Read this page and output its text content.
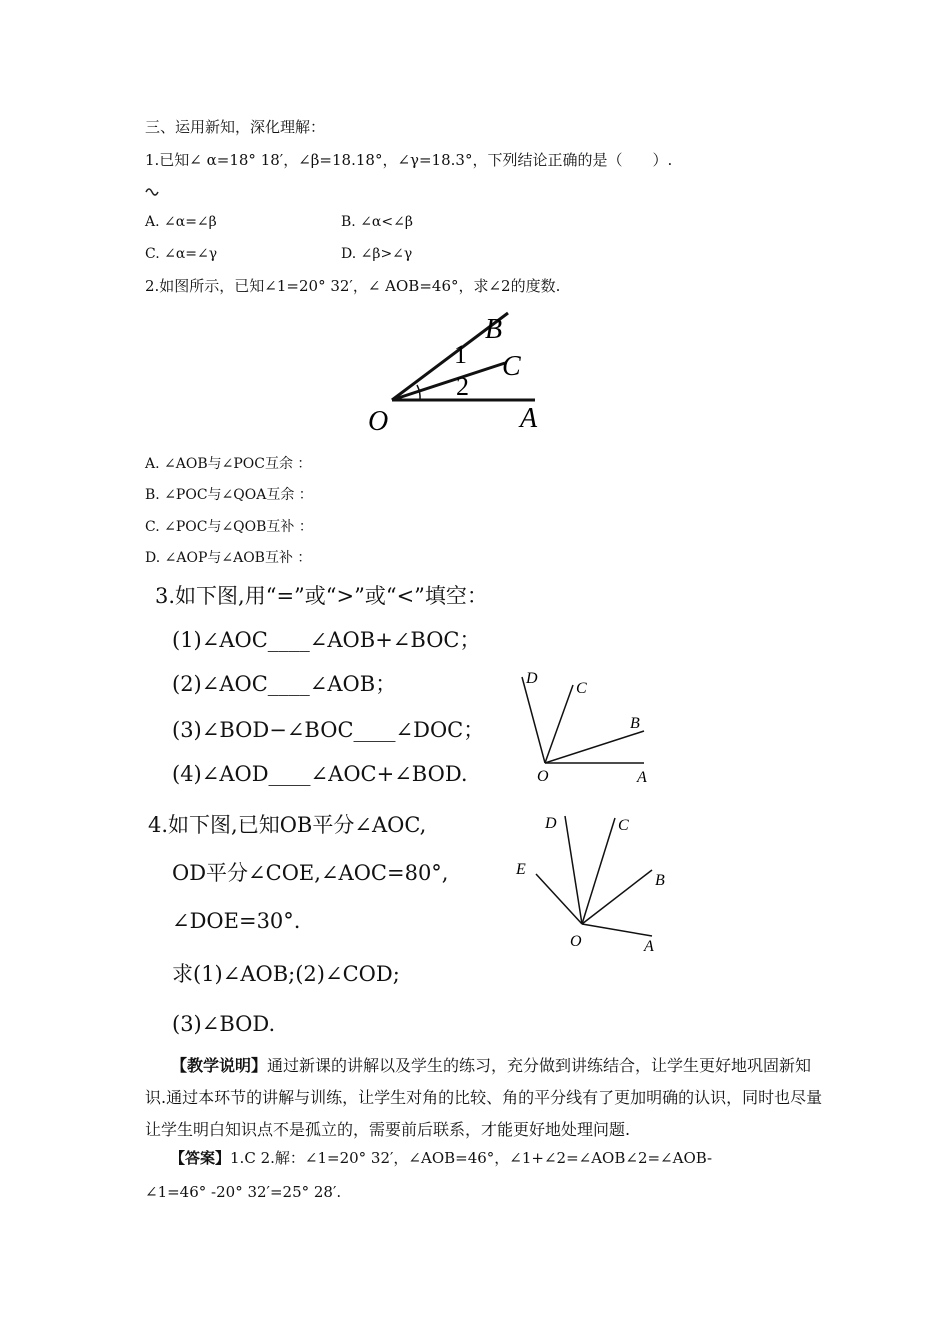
三、运用新知，深化理解：
1.已知∠ α=18° 18′，∠β=18.18°，∠γ=18.3°，下列结论正确的是（　　）.
A. ∠α=∠β	B. ∠α<∠β
C. ∠α=∠γ	D. ∠β>∠γ
2.如图所示，已知∠1=20° 32′，∠ AOB=46°，求∠2的度数.
B
C
1
2
O	A
A. ∠AOB与∠POC互余 ：
B. ∠POC与∠QOA互余 ：
C. ∠POC与∠QOB互补 ：
D. ∠AOP与∠AOB互补 ：
3.如下图,用“=”或“>”或“<”填空：
(1)∠AOC____∠AOB+∠BOC；
(2)∠AOC____∠AOB；
(3)∠BOD−∠BOC____∠DOC；
(4)∠AOD____∠AOC+∠BOD.
D
C
B
O	A
4.如下图,已知OB平分∠AOC,
OD平分∠COE,∠AOC=80°,
∠DOE=30°.
求(1)∠AOB;(2)∠COD;
(3)∠BOD.
D	C
E
B
O	A
【教学说明】通过新课的讲解以及学生的练习，充分做到讲练结合，让学生更好地巩固新知识.通过本环节的讲解与训练，让学生对角的比较、角的平分线有了更加明确的认识，同时也尽量让学生明白知识点不是孤立的，需要前后联系，才能更好地处理问题.
【答案】1.C 2.解：∠1=20° 32′，∠AOB=46°，∠1+∠2=∠AOB∠2=∠AOB-
∠1=46° -20° 32′=25° 28′.
